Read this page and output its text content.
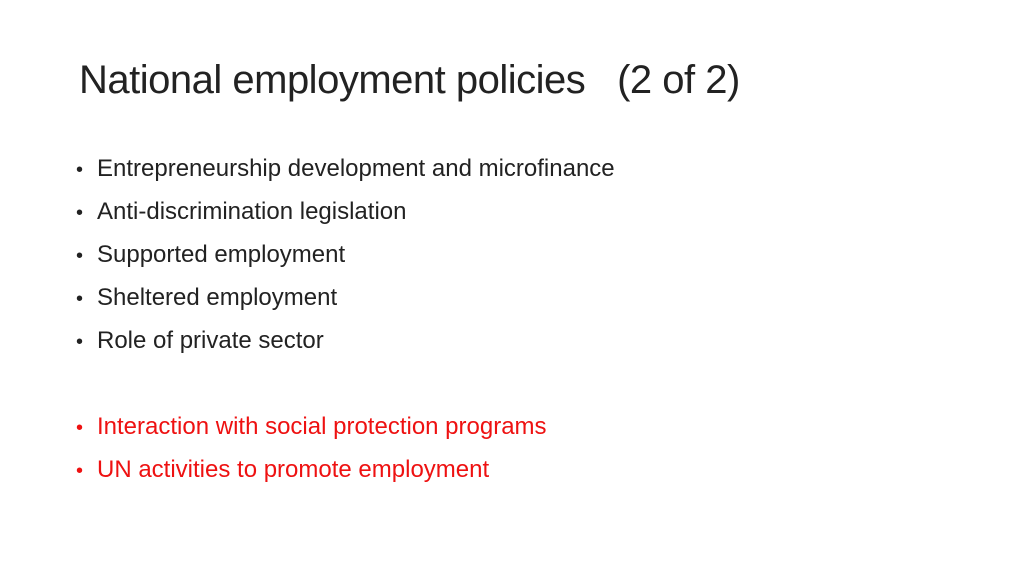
National employment policies   (2 of 2)
• Entrepreneurship development and microfinance
• Anti-discrimination legislation
• Supported employment
• Sheltered employment
• Role of private sector
• Interaction with social protection programs
• UN activities to promote employment
